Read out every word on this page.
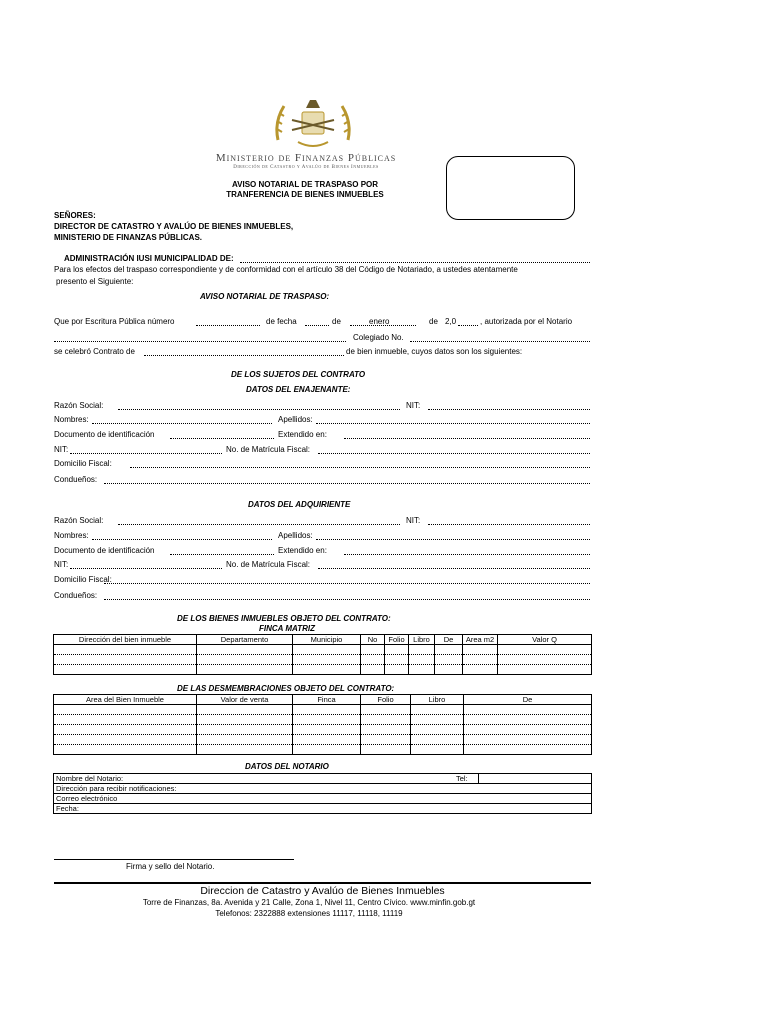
Ministerio de Finanzas Públicas
Dirección de Catastro y Avalúo de Bienes Inmuebles
AVISO NOTARIAL DE TRASPASO POR
TRANFERENCIA DE BIENES INMUEBLES
SEÑORES:
DIRECTOR DE CATASTRO Y AVALÚO DE BIENES INMUEBLES,
MINISTERIO DE FINANZAS PÚBLICAS.
ADMINISTRACIÓN IUSI MUNICIPALIDAD DE:
Para los efectos del traspaso correspondiente y de conformidad con el artículo 38 del Código de Notariado, a ustedes atentamente
presento el Siguiente:
AVISO NOTARIAL DE TRASPASO:
Que por Escritura Pública número	de fecha	de	enero	de 2,0	, autorizada por el Notario
Colegiado No.
se celebró Contrato de	de bien inmueble, cuyos datos son los siguientes:
DE LOS SUJETOS DEL CONTRATO
DATOS DEL ENAJENANTE:
Razón Social:	NIT:
Nombres:	Apellidos:
Documento de identificación	Extendido en:
NIT:	No. de Matrícula Fiscal:
Domicilio Fiscal:
Condueños:
DATOS DEL ADQUIRIENTE
Razón Social:	NIT:
Nombres:	Apellidos:
Documento de identificación	Extendido en:
NIT:	No. de Matrícula Fiscal:
Domicilio Fiscal:
Condueños:
DE LOS BIENES INMUEBLES OBJETO DEL CONTRATO:
FINCA MATRIZ
Dirección del bien inmueble	Departamento	Municipio	No	Folio	Libro	De	Area m2	Valor Q

DE LAS DESMEMBRACIONES OBJETO DEL CONTRATO:
Area del Bien Inmueble	Valor de venta	Finca	Folio	Libro	De

DATOS DEL NOTARIO
Nombre del Notario:	Tel:

Dirección para recibir notificaciones:
Correo electrónico
Fecha:
Firma y sello del Notario.
Direccion de Catastro y Avalúo de Bienes Inmuebles
Torre de Finanzas, 8a. Avenida y 21 Calle, Zona 1, Nivel 11, Centro Cívico. www.minfin.gob.gt
Telefonos: 2322888 extensiones 11117, 11118, 11119
